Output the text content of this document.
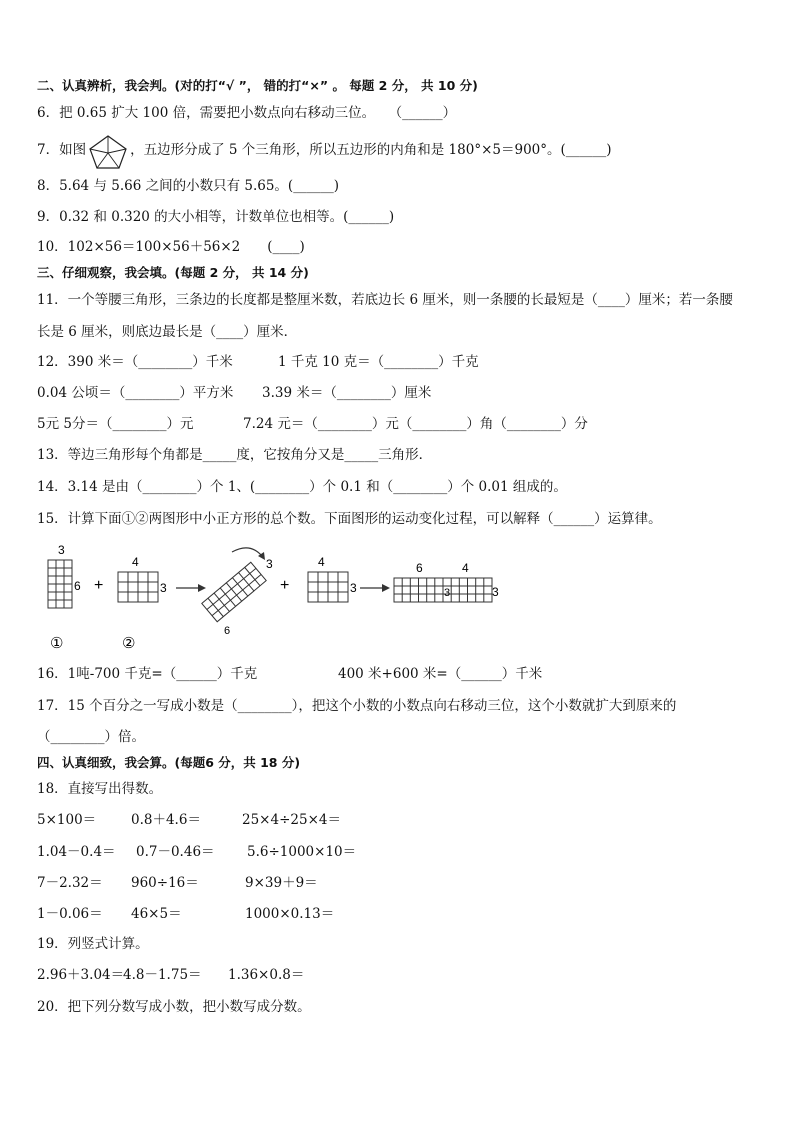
二、认真辨析，我会判。(对的打“√ ”， 错的打“×” 。 每题 2 分， 共 10 分)
6．把 0.65 扩大 100 倍，需要把小数点向右移动三位。　　（______）
7．如图	，五边形分成了 5 个三角形，所以五边形的内角和是 180°×5＝900°。(______)
8．5.64 与 5.66 之间的小数只有 5.65。(______)
9．0.32 和 0.320 的大小相等，计数单位也相等。(______)
10．102×56＝100×56＋56×2　　(____)
三、仔细观察，我会填。(每题 2 分， 共 14 分)
11．一个等腰三角形，三条边的长度都是整厘米数，若底边长 6 厘米，则一条腰的长最短是（____）厘米；若一条腰
长是 6 厘米，则底边最长是（____）厘米．
12．390 米＝（________）千米	1 千克 10 克＝（________）千克
0.04 公顷＝（________）平方米 3.39 米＝（________）厘米
5元 5分＝（________）元	7.24 元＝（________）元（________）角（________）分
13．等边三角形每个角都是_____度，它按角分又是_____三角形．
14．3.14 是由（________）个 1、(________）个 0.1 和（________）个 0.01 组成的。
15．计算下面①②两图形中小正方形的总个数。下面图形的运动变化过程，可以解释（______）运算律。
3
6
①
+
4
3
②
3
6
+
4
3
6	4
3	3
16．1吨-700 千克=（______）千克	400 米+600 米=（______）千米
17．15 个百分之一写成小数是（________），把这个小数的小数点向右移动三位，这个小数就扩大到原来的
（________）倍。
四、认真细致，我会算。(每题6 分，共 18 分)
18．直接写出得数。
5×100＝	0.8＋4.6＝	25×4÷25×4＝
1.04－0.4＝ 0.7－0.46＝ 5.6÷1000×10＝
7－2.32＝ 960÷16＝	9×39＋9＝
1－0.06＝ 46×5＝	1000×0.13＝
19．列竖式计算。
2.96＋3.04＝
4.8－1.75＝ 1.36×0.8＝
20．把下列分数写成小数，把小数写成分数。
